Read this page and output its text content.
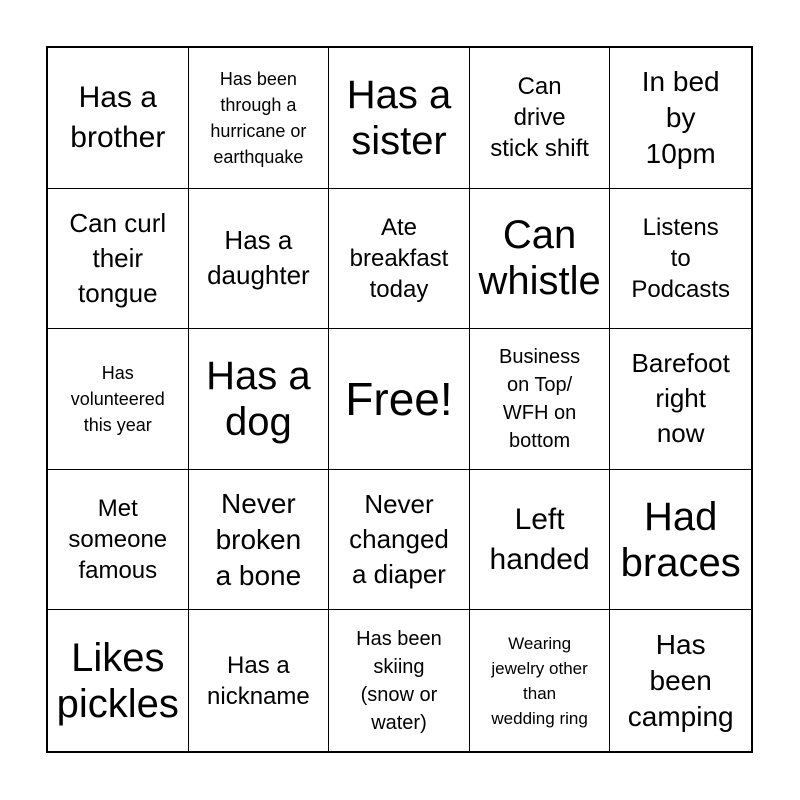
Has a
brother
Has been
through a
hurricane or
earthquake
Has a
sister
Can
drive
stick shift
In bed
by
10pm
Can curl
their
tongue
Has a
daughter
Ate
breakfast
today
Can
whistle
Listens
to
Podcasts
Has
volunteered
this year
Has a
dog	Free!
Business
on Top/
WFH on
bottom
Barefoot
right
now
Met
someone
famous
Never
broken
a bone
Never
changed
a diaper
Left
handed
Had
braces
Likes
pickles
Has a
nickname
Has been
skiing
(snow or
water)
Wearing
jewelry other
than
wedding ring
Has
been
camping
